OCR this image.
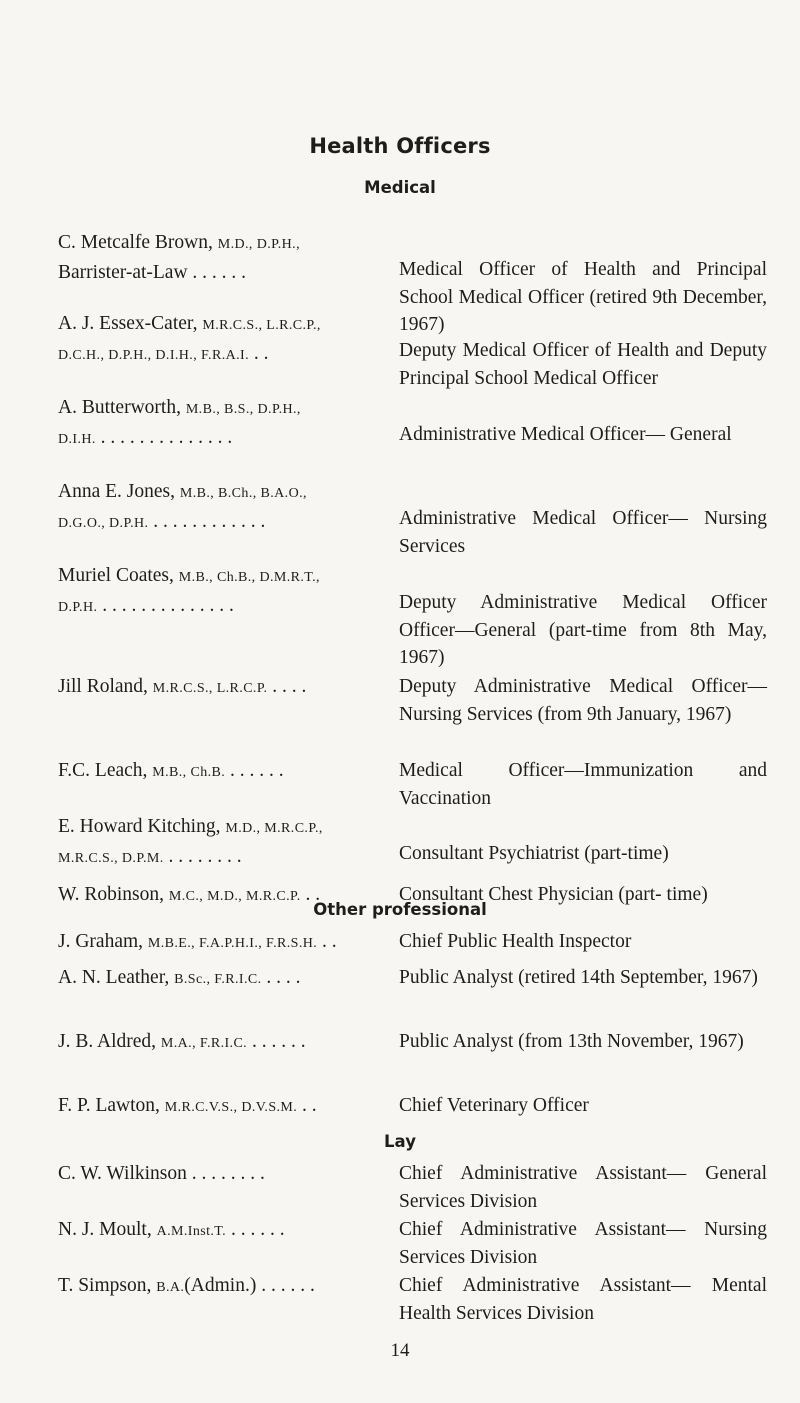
Health Officers
Medical
C. Metcalfe Brown, M.D., D.P.H.,
Barrister-at-Law . . . . . .	Medical Officer of Health and Principal School Medical Officer (retired 9th December, 1967)
A. J. Essex-Cater, M.R.C.S., L.R.C.P.,
D.C.H., D.P.H., D.I.H., F.R.A.I. . .	Deputy Medical Officer of Health and Deputy Principal School Medical Officer
A. Butterworth, M.B., B.S., D.P.H.,
D.I.H. . . . . . . . . . . . . . .	Administrative Medical Officer— General
Anna E. Jones, M.B., B.Ch., B.A.O.,
D.G.O., D.P.H. . . . . . . . . . . . .	Administrative Medical Officer— Nursing Services
Muriel Coates, M.B., Ch.B., D.M.R.T.,
D.P.H. . . . . . . . . . . . . . .	Deputy Administrative Medical Officer Officer—General (part-time from 8th May, 1967)
Jill Roland, M.R.C.S., L.R.C.P. . . . .	Deputy Administrative Medical Officer—Nursing Services (from 9th January, 1967)
F.C. Leach, M.B., Ch.B. . . . . . .	Medical Officer—Immunization and Vaccination
E. Howard Kitching, M.D., M.R.C.P.,
M.R.C.S., D.P.M. . . . . . . . .	Consultant Psychiatrist (part-time)
W. Robinson, M.C., M.D., M.R.C.P. . .	Consultant Chest Physician (part- time)
Other professional
J. Graham, M.B.E., F.A.P.H.I., F.R.S.H. . .	Chief Public Health Inspector
A. N. Leather, B.Sc., F.R.I.C. . . . .	Public Analyst (retired 14th September, 1967)
J. B. Aldred, M.A., F.R.I.C. . . . . . .	Public Analyst (from 13th November, 1967)
F. P. Lawton, M.R.C.V.S., D.V.S.M. . .	Chief Veterinary Officer
Lay
C. W. Wilkinson . . . . . . . .	Chief Administrative Assistant— General Services Division
N. J. Moult, A.M.Inst.T. . . . . . .	Chief Administrative Assistant— Nursing Services Division
T. Simpson, B.A.(Admin.) . . . . . .	Chief Administrative Assistant— Mental Health Services Division
14
